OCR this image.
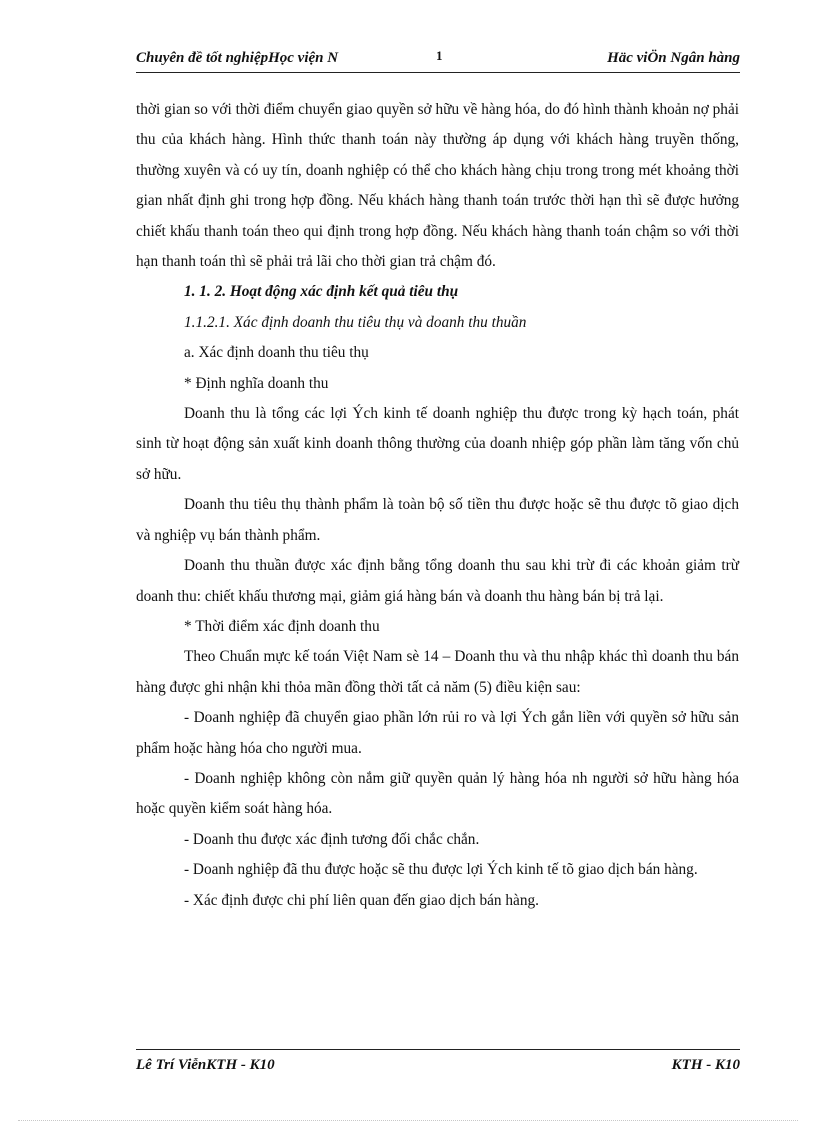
Chuyên đề tốt nghiệpHọc viện N	1	Häc viÖn Ngân hàng

thời gian so với thời điểm chuyển giao quyền sở hữu về hàng hóa, do đó hình thành khoản nợ phải thu của khách hàng. Hình thức thanh toán này thường áp dụng với khách hàng truyền thống, thường xuyên và có uy tín, doanh nghiệp có thể cho khách hàng chịu trong trong mét khoảng thời gian nhất định ghi trong hợp đồng. Nếu khách hàng thanh toán trước thời hạn thì sẽ được hưởng chiết khấu thanh toán theo qui định trong hợp đồng. Nếu khách hàng thanh toán chậm so với thời hạn thanh toán thì sẽ phải trả lãi cho thời gian trả chậm đó.

1. 1. 2. Hoạt động xác định kết quả tiêu thụ

1.1.2.1. Xác định doanh thu tiêu thụ và doanh thu thuần

a. Xác định doanh thu tiêu thụ

* Định nghĩa doanh thu

Doanh thu là tổng các lợi Ých kinh tế doanh nghiệp thu được trong kỳ hạch toán, phát sinh từ hoạt động sản xuất kinh doanh thông thường của doanh nhiệp góp phần làm tăng vốn chủ sở hữu.

Doanh thu tiêu thụ thành phẩm là toàn bộ số tiền thu được hoặc sẽ thu được tõ giao dịch và nghiệp vụ bán thành phẩm.

Doanh thu thuần được xác định bằng tổng doanh thu sau khi trừ đi các khoản giảm trừ doanh thu: chiết khấu thương mại, giảm giá hàng bán và doanh thu hàng bán bị trả lại.

* Thời điểm xác định doanh thu

Theo Chuẩn mực kế toán Việt Nam sè 14 – Doanh thu và thu nhập khác thì doanh thu bán hàng được ghi nhận khi thỏa mãn đồng thời tất cả năm (5) điều kiện sau:

- Doanh nghiệp đã chuyển giao phần lớn rủi ro và lợi Ých gắn liền với quyền sở hữu sản phẩm hoặc hàng hóa cho người mua.

- Doanh nghiệp không còn nắm giữ quyền quản lý hàng hóa nh người sở hữu hàng hóa hoặc quyền kiểm soát hàng hóa.

- Doanh thu được xác định tương đối chắc chắn.

- Doanh nghiệp đã thu được hoặc sẽ thu được lợi Ých kinh tế tõ giao dịch bán hàng.

- Xác định được chi phí liên quan đến giao dịch bán hàng.

Lê Trí ViễnKTH - K10	KTH - K10
